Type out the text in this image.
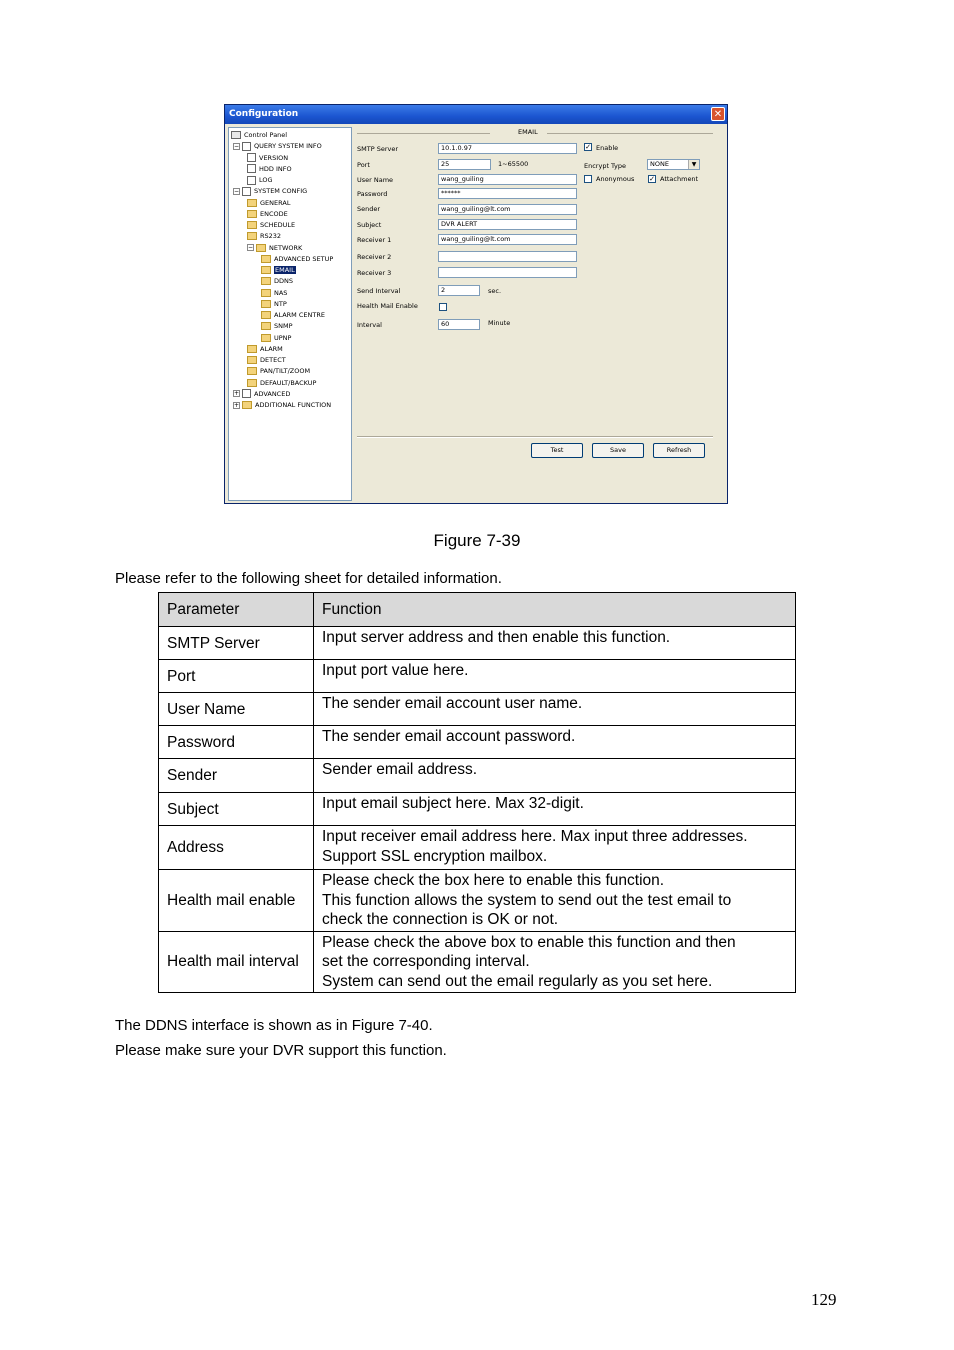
Configuration	✕
Control Panel
− QUERY SYSTEM INFO
VERSION
HDD INFO
LOG
− SYSTEM CONFIG
GENERAL
ENCODE
SCHEDULE
RS232
− NETWORK
ADVANCED SETUP
EMAIL
DDNS
NAS
NTP
ALARM CENTRE
SNMP
UPNP
ALARM
DETECT
PAN/TILT/ZOOM
DEFAULT/BACKUP
+ ADVANCED
+ ADDITIONAL FUNCTION
EMAIL
SMTP Server	10.1.0.97
Port	25	1~65500
User Name	wang_guiling
Password	******
Sender	wang_guiling@lt.com
Subject	DVR ALERT
Receiver 1	wang_guiling@lt.com
Receiver 2
Receiver 3
Send Interval	2	sec.
Health Mail Enable
Interval	60	Minute
✓ Enable
Encrypt Type	NONE	▼
Anonymous ✓ Attachment
Test	Save	Refresh
Figure 7-39
Please refer to the following sheet for detailed information.
Parameter	Function
SMTP Server	Input server address and then enable this function.

Port	Input port value here.

User Name	The sender email account user name.

Password	The sender email account password.

Sender	Sender email address.

Subject	Input email subject here. Max 32-digit.

Address	Input receiver email address here. Max input three addresses.
Support SSL encryption mailbox.

Health mail enable	Please check the box here to enable this function.
This function allows the system to send out the test email to
check the connection is OK or not.

Health mail interval	Please check the above box to enable this function and then
set the corresponding interval.
System can send out the email regularly as you set here.
The DDNS interface is shown as in Figure 7-40.
Please make sure your DVR support this function.
129
